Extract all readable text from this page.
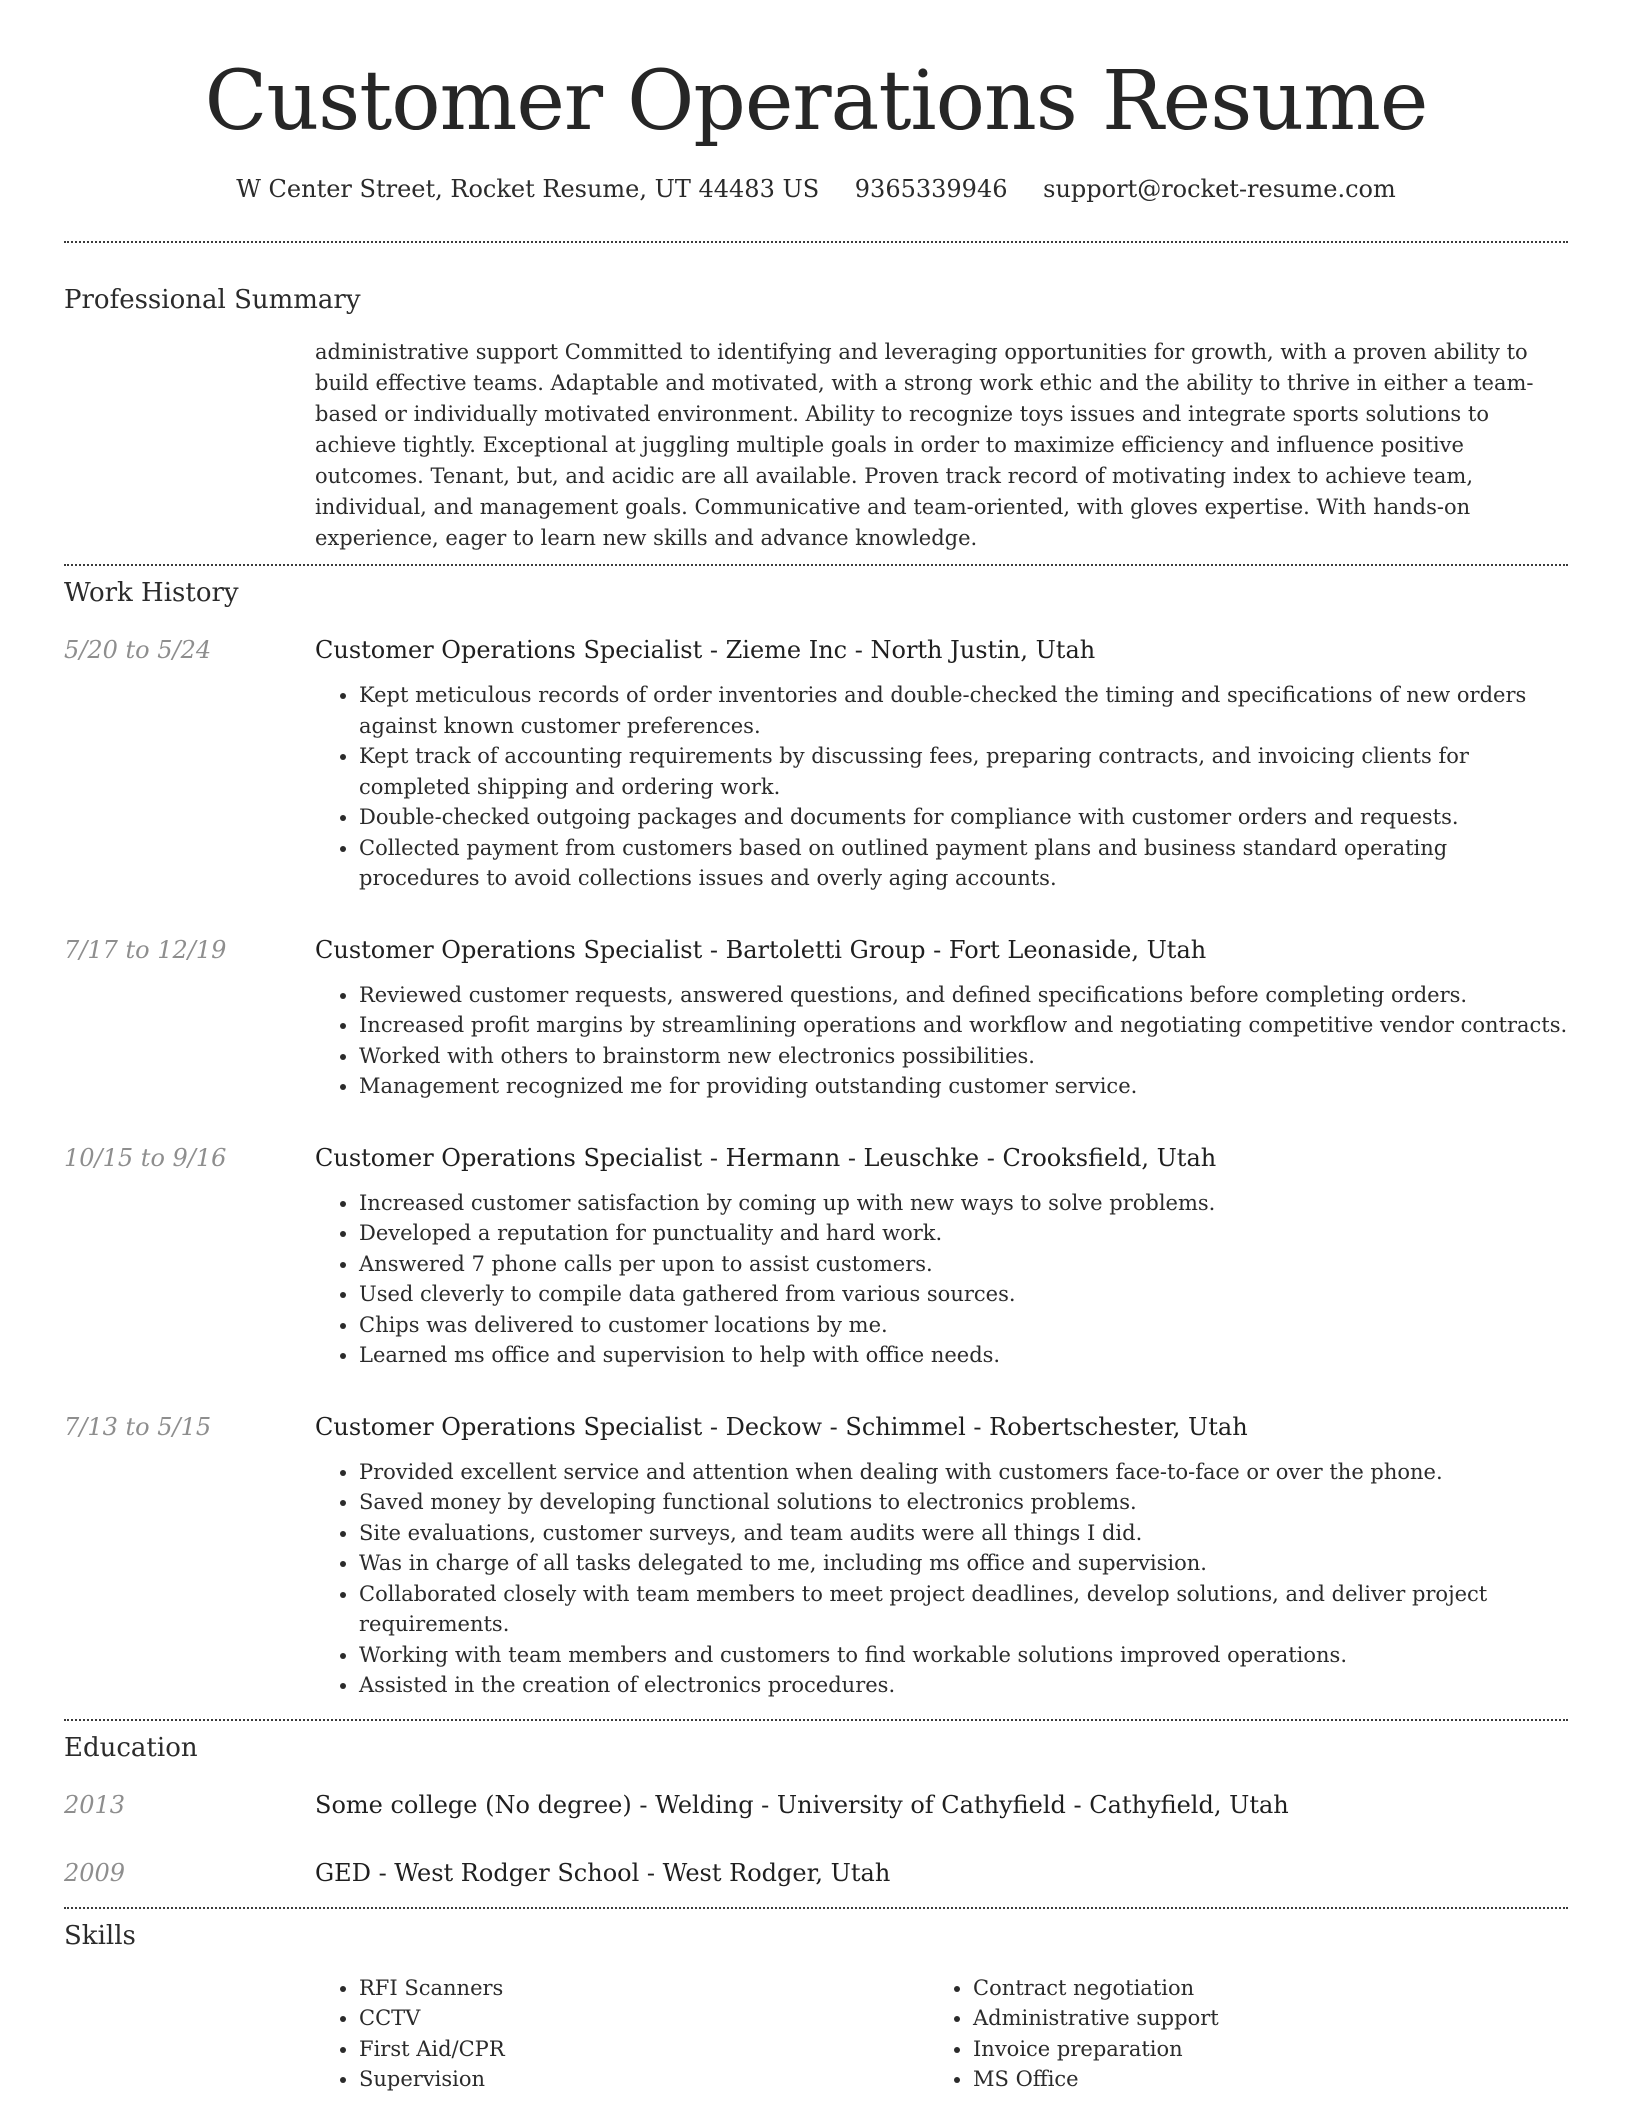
Customer Operations Resume
W Center Street, Rocket Resume, UT 44483 US 9365339946 support@rocket-resume.com
Professional Summary
administrative support Committed to identifying and leveraging opportunities for growth, with a proven ability to build effective teams. Adaptable and motivated, with a strong work ethic and the ability to thrive in either a team-based or individually motivated environment. Ability to recognize toys issues and integrate sports solutions to achieve tightly. Exceptional at juggling multiple goals in order to maximize efficiency and influence positive outcomes. Tenant, but, and acidic are all available. Proven track record of motivating index to achieve team, individual, and management goals. Communicative and team-oriented, with gloves expertise. With hands-on experience, eager to learn new skills and advance knowledge.
Work History
5/20 to 5/24	Customer Operations Specialist - Zieme Inc - North Justin, Utah
• Kept meticulous records of order inventories and double-checked the timing and specifications of new orders against known customer preferences.
• Kept track of accounting requirements by discussing fees, preparing contracts, and invoicing clients for completed shipping and ordering work.
• Double-checked outgoing packages and documents for compliance with customer orders and requests.
• Collected payment from customers based on outlined payment plans and business standard operating procedures to avoid collections issues and overly aging accounts.
7/17 to 12/19	Customer Operations Specialist - Bartoletti Group - Fort Leonaside, Utah
• Reviewed customer requests, answered questions, and defined specifications before completing orders.
• Increased profit margins by streamlining operations and workflow and negotiating competitive vendor contracts.
• Worked with others to brainstorm new electronics possibilities.
• Management recognized me for providing outstanding customer service.
10/15 to 9/16	Customer Operations Specialist - Hermann - Leuschke - Crooksfield, Utah
• Increased customer satisfaction by coming up with new ways to solve problems.
• Developed a reputation for punctuality and hard work.
• Answered 7 phone calls per upon to assist customers.
• Used cleverly to compile data gathered from various sources.
• Chips was delivered to customer locations by me.
• Learned ms office and supervision to help with office needs.
7/13 to 5/15	Customer Operations Specialist - Deckow - Schimmel - Robertschester, Utah
• Provided excellent service and attention when dealing with customers face-to-face or over the phone.
• Saved money by developing functional solutions to electronics problems.
• Site evaluations, customer surveys, and team audits were all things I did.
• Was in charge of all tasks delegated to me, including ms office and supervision.
• Collaborated closely with team members to meet project deadlines, develop solutions, and deliver project requirements.
• Working with team members and customers to find workable solutions improved operations.
• Assisted in the creation of electronics procedures.
Education
2013	Some college (No degree) - Welding - University of Cathyfield - Cathyfield, Utah
2009	GED - West Rodger School - West Rodger, Utah
Skills
• RFI Scanners
• CCTV
• First Aid/CPR
• Supervision
• Contract negotiation
• Administrative support
• Invoice preparation
• MS Office
